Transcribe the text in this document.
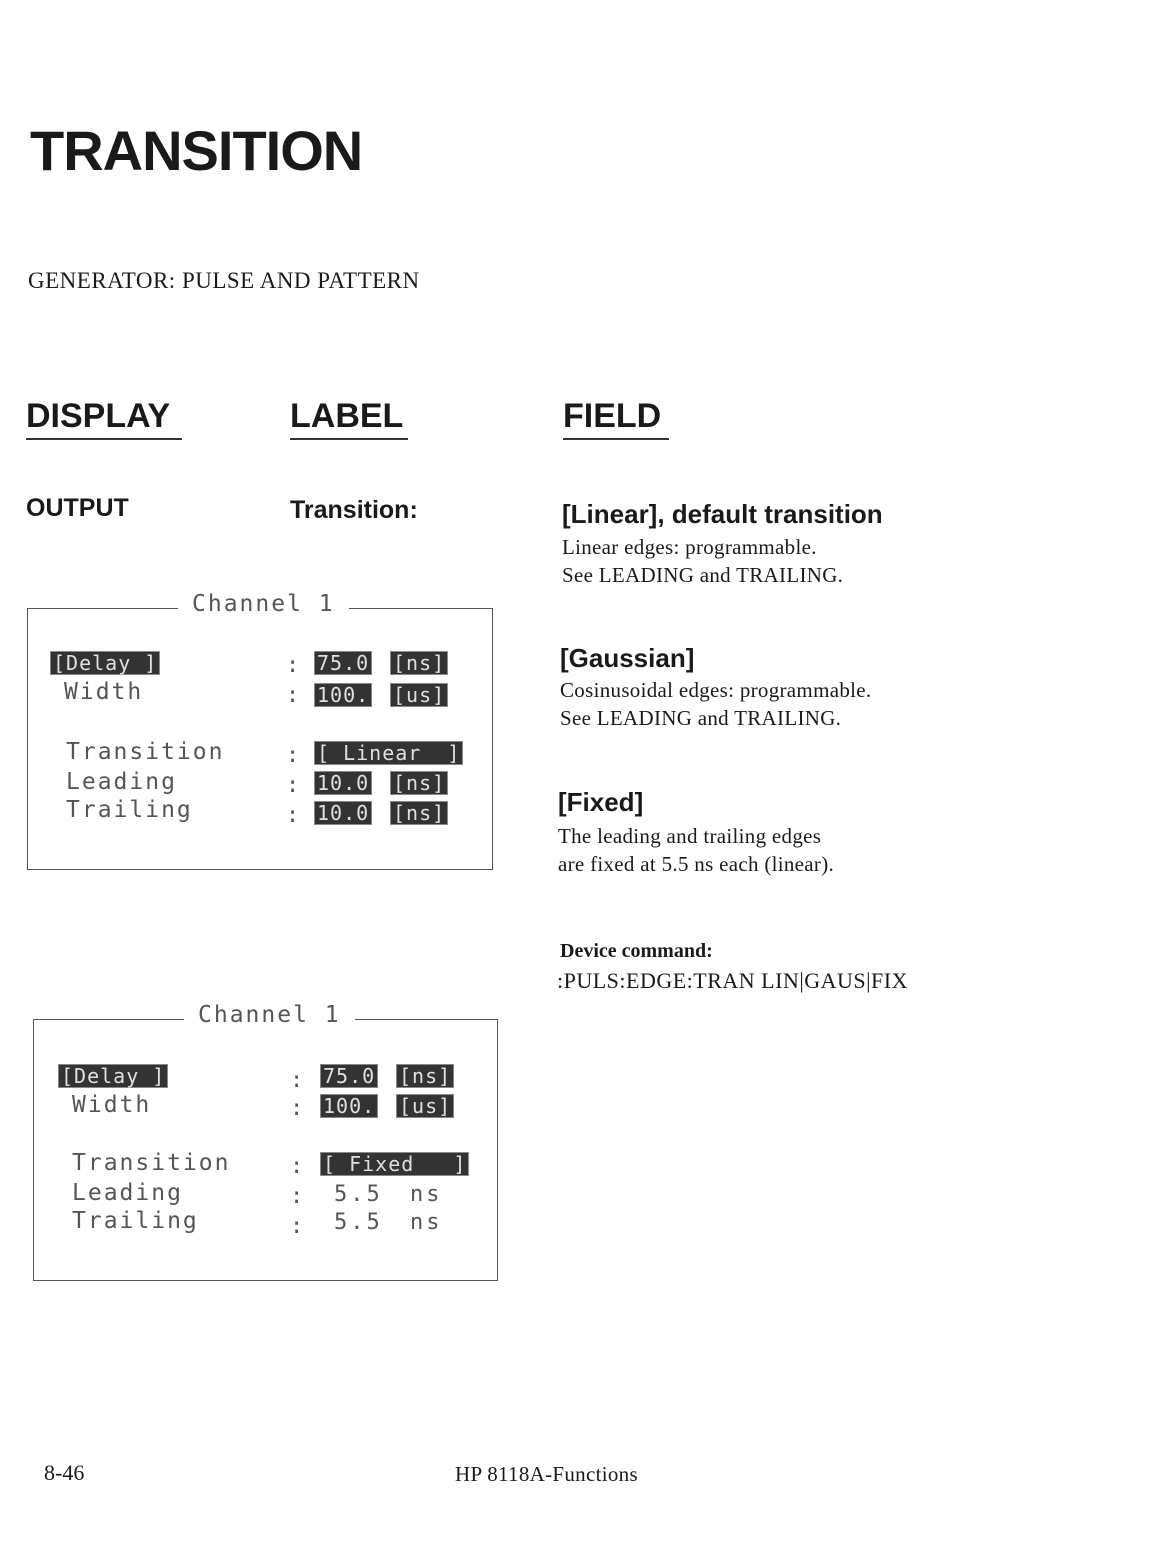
TRANSITION
GENERATOR: PULSE AND PATTERN
DISPLAY	LABEL	FIELD
OUTPUT	Transition:	[Linear], default transition
Linear edges: programmable.
See LEADING and TRAILING.
[Gaussian]
Cosinusoidal edges: programmable.
See LEADING and TRAILING.
[Fixed]
The leading and trailing edges
are fixed at 5.5 ns each (linear).
Device command:
:PULS:EDGE:TRAN LIN|GAUS|FIX
Channel 1
[Delay ]	: 75.0 [ns]
Width	: 100. [us]
Transition	: [ Linear  ]
Leading	: 10.0 [ns]
Trailing	: 10.0 [ns]
Channel 1
[Delay ]	: 75.0 [ns]
Width	: 100. [us]
Transition	: [ Fixed   ]
Leading	: 5.5 ns
Trailing	: 5.5 ns
8-46	HP 8118A-Functions
